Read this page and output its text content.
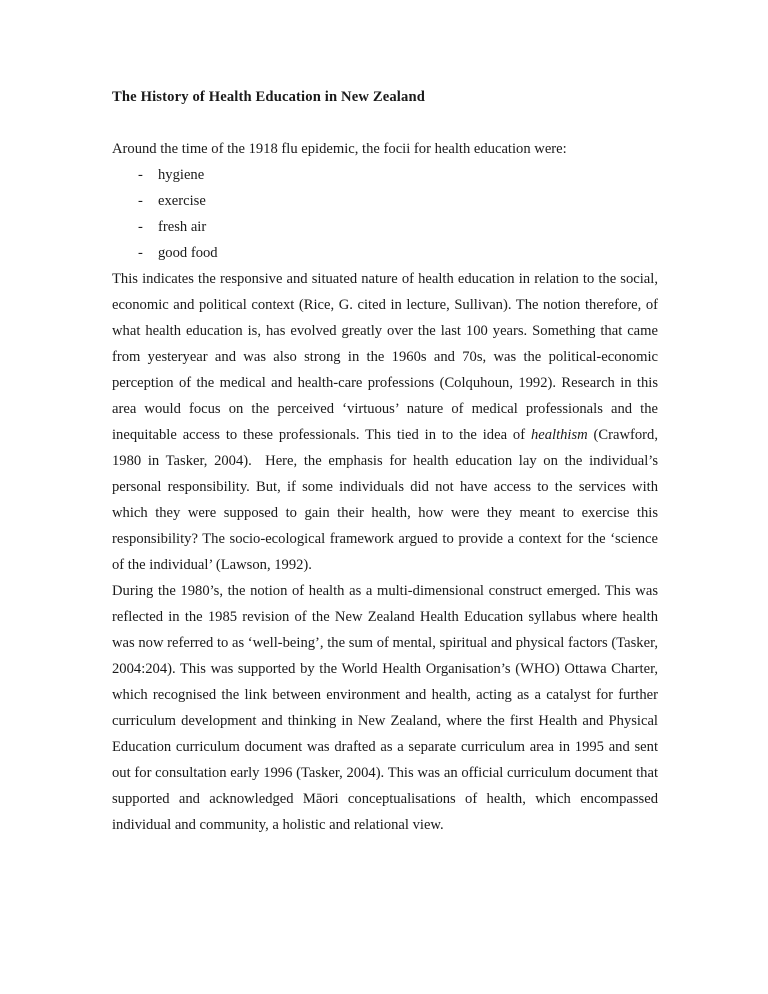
The History of Health Education in New Zealand

Around the time of the 1918 flu epidemic, the focii for health education were:

- hygiene
- exercise
- fresh air
- good food

This indicates the responsive and situated nature of health education in relation to the social, economic and political context (Rice, G. cited in lecture, Sullivan). The notion therefore, of what health education is, has evolved greatly over the last 100 years. Something that came from yesteryear and was also strong in the 1960s and 70s, was the political-economic perception of the medical and health-care professions (Colquhoun, 1992). Research in this area would focus on the perceived ‘virtuous’ nature of medical professionals and the inequitable access to these professionals. This tied in to the idea of healthism (Crawford, 1980 in Tasker, 2004). Here, the emphasis for health education lay on the individual’s personal responsibility. But, if some individuals did not have access to the services with which they were supposed to gain their health, how were they meant to exercise this responsibility? The socio-ecological framework argued to provide a context for the ‘science of the individual’ (Lawson, 1992).

During the 1980’s, the notion of health as a multi-dimensional construct emerged. This was reflected in the 1985 revision of the New Zealand Health Education syllabus where health was now referred to as ‘well-being’, the sum of mental, spiritual and physical factors (Tasker, 2004:204). This was supported by the World Health Organisation’s (WHO) Ottawa Charter, which recognised the link between environment and health, acting as a catalyst for further curriculum development and thinking in New Zealand, where the first Health and Physical Education curriculum document was drafted as a separate curriculum area in 1995 and sent out for consultation early 1996 (Tasker, 2004). This was an official curriculum document that supported and acknowledged Māori conceptualisations of health, which encompassed individual and community, a holistic and relational view.
